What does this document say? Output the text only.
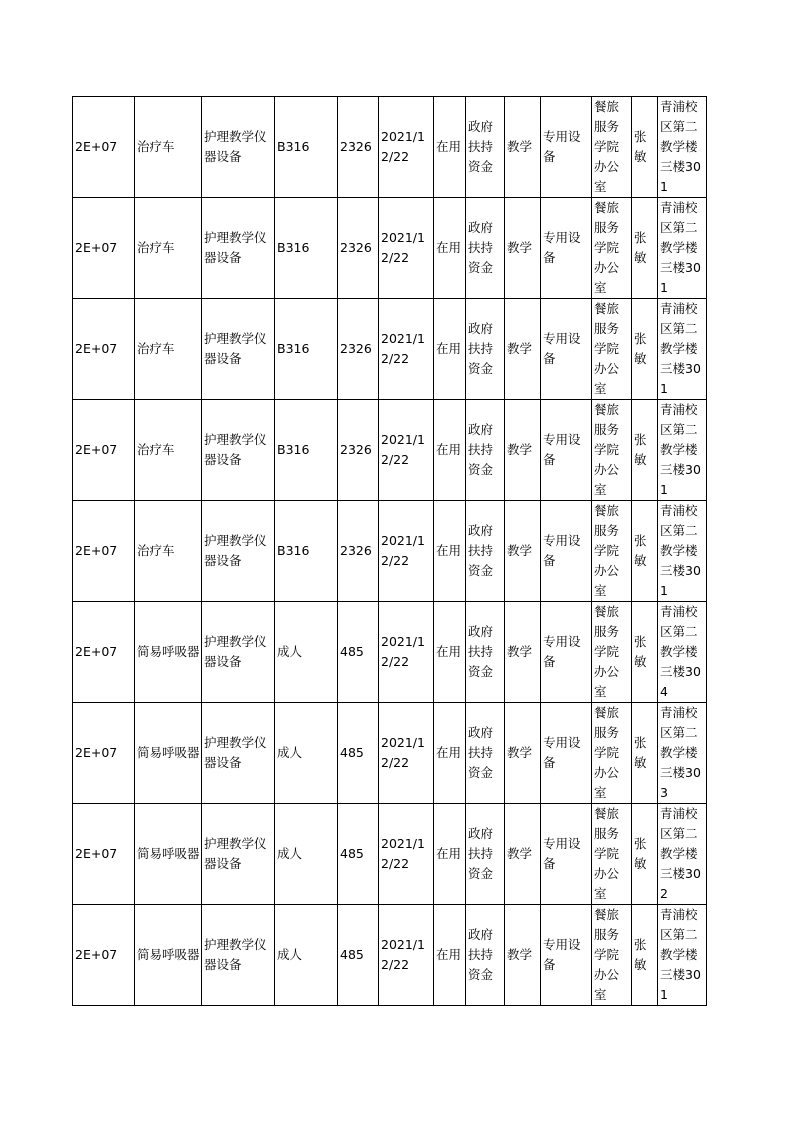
2E+07	治疗车	护理教学仪器设备	B316	2326	2021/12/22	在用	政府扶持资金	教学	专用设备	餐旅服务学院办公室	张敏	青浦校区第二教学楼三楼301
2E+07	治疗车	护理教学仪器设备	B316	2326	2021/12/22	在用	政府扶持资金	教学	专用设备	餐旅服务学院办公室	张敏	青浦校区第二教学楼三楼301
2E+07	治疗车	护理教学仪器设备	B316	2326	2021/12/22	在用	政府扶持资金	教学	专用设备	餐旅服务学院办公室	张敏	青浦校区第二教学楼三楼301
2E+07	治疗车	护理教学仪器设备	B316	2326	2021/12/22	在用	政府扶持资金	教学	专用设备	餐旅服务学院办公室	张敏	青浦校区第二教学楼三楼301
2E+07	治疗车	护理教学仪器设备	B316	2326	2021/12/22	在用	政府扶持资金	教学	专用设备	餐旅服务学院办公室	张敏	青浦校区第二教学楼三楼301
2E+07	简易呼吸器	护理教学仪器设备	成人	485	2021/12/22	在用	政府扶持资金	教学	专用设备	餐旅服务学院办公室	张敏	青浦校区第二教学楼三楼304
2E+07	简易呼吸器	护理教学仪器设备	成人	485	2021/12/22	在用	政府扶持资金	教学	专用设备	餐旅服务学院办公室	张敏	青浦校区第二教学楼三楼303
2E+07	简易呼吸器	护理教学仪器设备	成人	485	2021/12/22	在用	政府扶持资金	教学	专用设备	餐旅服务学院办公室	张敏	青浦校区第二教学楼三楼302
2E+07	简易呼吸器	护理教学仪器设备	成人	485	2021/12/22	在用	政府扶持资金	教学	专用设备	餐旅服务学院办公室	张敏	青浦校区第二教学楼三楼301
